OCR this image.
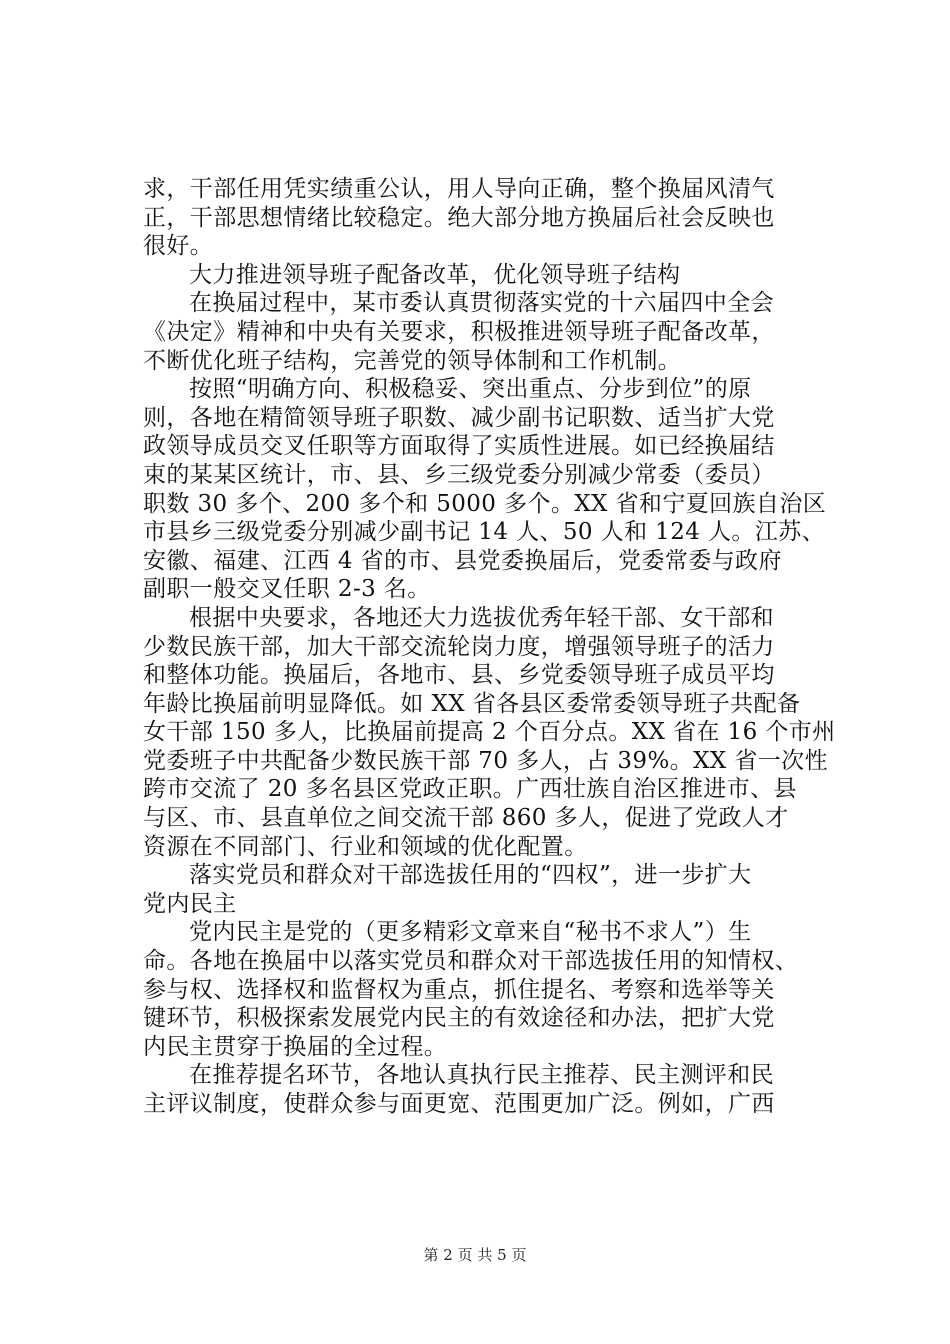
求，干部任用凭实绩重公认，用人导向正确，整个换届风清气
正，干部思想情绪比较稳定。绝大部分地方换届后社会反映也
很好。
大力推进领导班子配备改革，优化领导班子结构
在换届过程中，某市委认真贯彻落实党的十六届四中全会
《决定》精神和中央有关要求，积极推进领导班子配备改革，
不断优化班子结构，完善党的领导体制和工作机制。
按照“明确方向、积极稳妥、突出重点、分步到位”的原
则，各地在精简领导班子职数、减少副书记职数、适当扩大党
政领导成员交叉任职等方面取得了实质性进展。如已经换届结
束的某某区统计，市、县、乡三级党委分别减少常委（委员）
职数 30 多个、200 多个和 5000 多个。XX 省和宁夏回族自治区
市县乡三级党委分别减少副书记 14 人、50 人和 124 人。江苏、
安徽、福建、江西 4 省的市、县党委换届后，党委常委与政府
副职一般交叉任职 2-3 名。
根据中央要求，各地还大力选拔优秀年轻干部、女干部和
少数民族干部，加大干部交流轮岗力度，增强领导班子的活力
和整体功能。换届后，各地市、县、乡党委领导班子成员平均
年龄比换届前明显降低。如 XX 省各县区委常委领导班子共配备
女干部 150 多人，比换届前提高 2 个百分点。XX 省在 16 个市州
党委班子中共配备少数民族干部 70 多人，占 39%。XX 省一次性
跨市交流了 20 多名县区党政正职。广西壮族自治区推进市、县
与区、市、县直单位之间交流干部 860 多人，促进了党政人才
资源在不同部门、行业和领域的优化配置。
落实党员和群众对干部选拔任用的“四权”，进一步扩大
党内民主
党内民主是党的（更多精彩文章来自“秘书不求人”）生
命。各地在换届中以落实党员和群众对干部选拔任用的知情权、
参与权、选择权和监督权为重点，抓住提名、考察和选举等关
键环节，积极探索发展党内民主的有效途径和办法，把扩大党
内民主贯穿于换届的全过程。
在推荐提名环节，各地认真执行民主推荐、民主测评和民
主评议制度，使群众参与面更宽、范围更加广泛。例如，广西
第 2 页 共 5 页
